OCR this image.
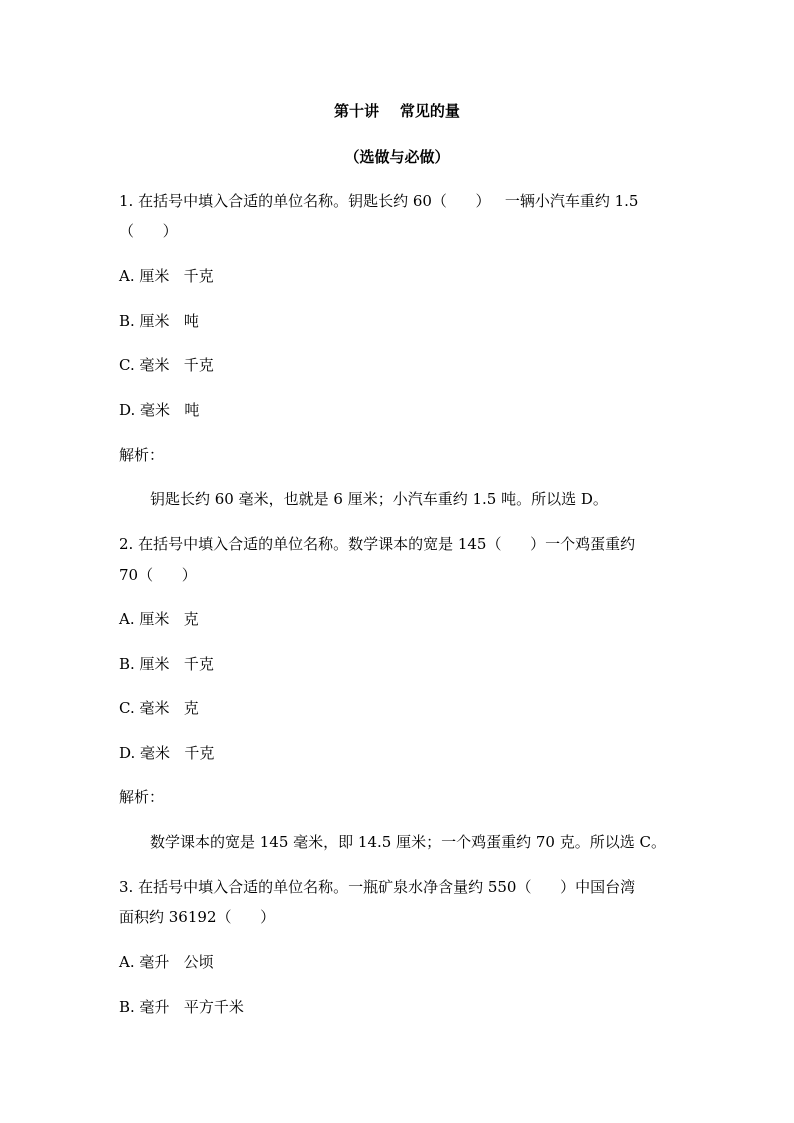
第十讲    常见的量
（选做与必做）
1. 在括号中填入合适的单位名称。钥匙长约 60（      ）   一辆小汽车重约 1.5
（      ）
A. 厘米   千克
B. 厘米   吨
C. 毫米   千克
D. 毫米   吨
解析：
钥匙长约 60 毫米，也就是 6 厘米；小汽车重约 1.5 吨。所以选 D。
2. 在括号中填入合适的单位名称。数学课本的宽是 145（      ）一个鸡蛋重约
70（      ）
A. 厘米   克
B. 厘米   千克
C. 毫米   克
D. 毫米   千克
解析：
数学课本的宽是 145 毫米，即 14.5 厘米；一个鸡蛋重约 70 克。所以选 C。
3. 在括号中填入合适的单位名称。一瓶矿泉水净含量约 550（      ）中国台湾
面积约 36192（      ）
A. 毫升   公顷
B. 毫升   平方千米
